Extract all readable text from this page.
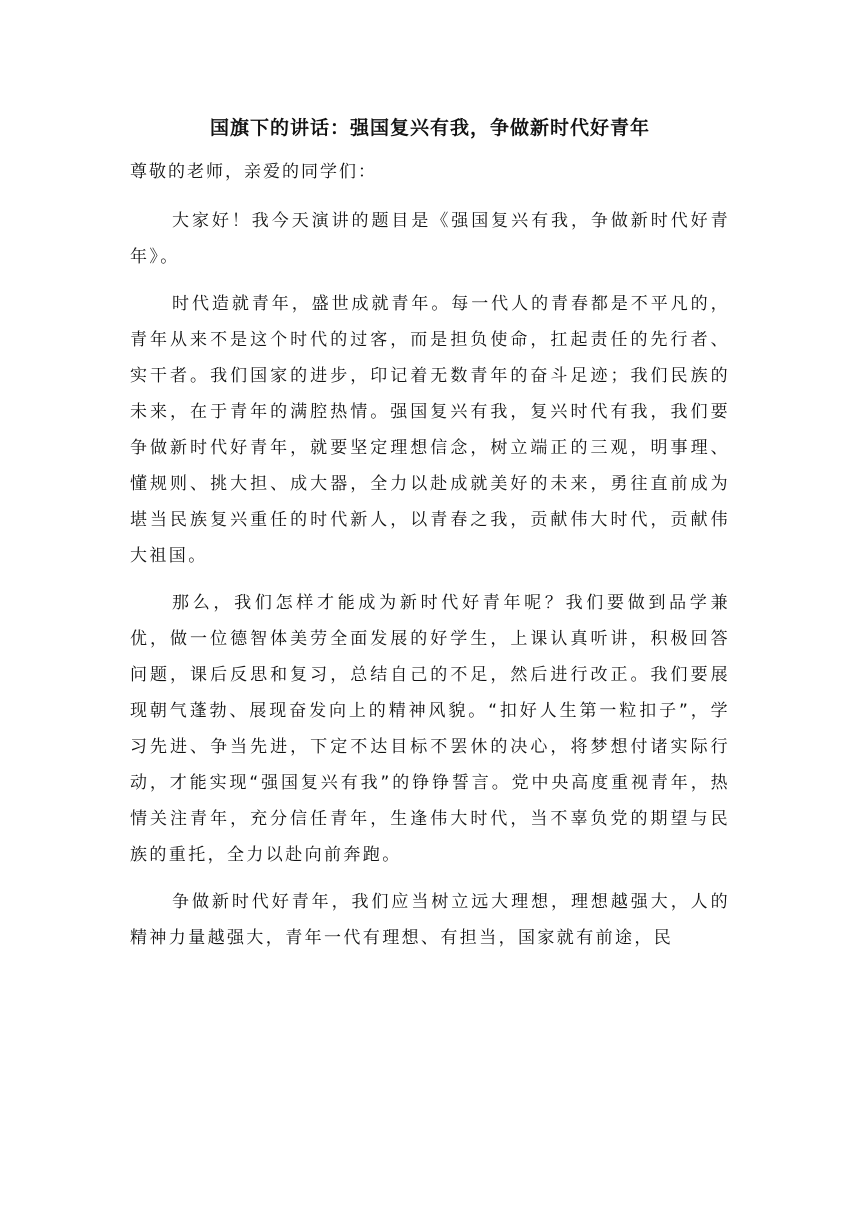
国旗下的讲话：强国复兴有我，争做新时代好青年

尊敬的老师，亲爱的同学们：

大家好！我今天演讲的题目是《强国复兴有我，争做新时代好青年》。

时代造就青年，盛世成就青年。每一代人的青春都是不平凡的，青年从来不是这个时代的过客，而是担负使命，扛起责任的先行者、实干者。我们国家的进步，印记着无数青年的奋斗足迹；我们民族的未来，在于青年的满腔热情。强国复兴有我，复兴时代有我，我们要争做新时代好青年，就要坚定理想信念，树立端正的三观，明事理、懂规则、挑大担、成大器，全力以赴成就美好的未来，勇往直前成为堪当民族复兴重任的时代新人，以青春之我，贡献伟大时代，贡献伟大祖国。

那么，我们怎样才能成为新时代好青年呢？我们要做到品学兼优，做一位德智体美劳全面发展的好学生，上课认真听讲，积极回答问题，课后反思和复习，总结自己的不足，然后进行改正。我们要展现朝气蓬勃、展现奋发向上的精神风貌。“扣好人生第一粒扣子”，学习先进、争当先进，下定不达目标不罢休的决心，将梦想付诸实际行动，才能实现“强国复兴有我”的铮铮誓言。党中央高度重视青年，热情关注青年，充分信任青年，生逢伟大时代，当不辜负党的期望与民族的重托，全力以赴向前奔跑。

争做新时代好青年，我们应当树立远大理想，理想越强大，人的精神力量越强大，青年一代有理想、有担当，国家就有前途，民
